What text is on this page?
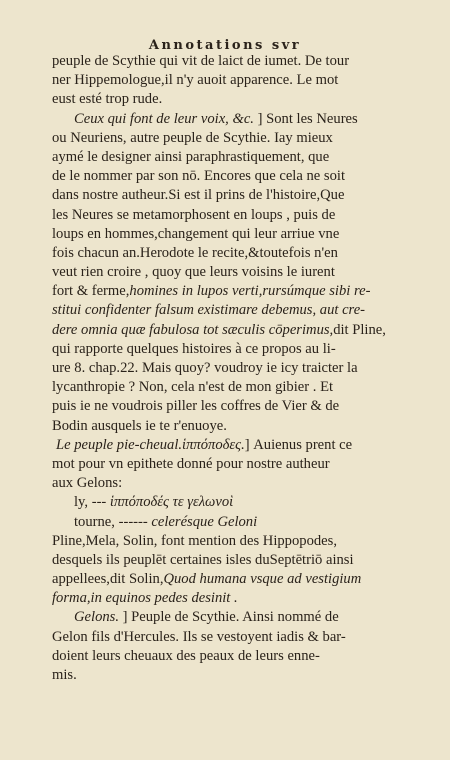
Annotations svr
peuple de Scythie qui vit de laict de iumet. De tour
ner Hippemologue,il n'y auoit apparence. Le mot
eust esté trop rude.
Ceux qui font de leur voix, &c. ] Sont les Neures
ou Neuriens, autre peuple de Scythie. Iay mieux
aymé le designer ainsi paraphrastiquement, que
de le nommer par son nō. Encores que cela ne soit
dans nostre autheur.Si est il prins de l'histoire,Que
les Neures se metamorphosent en loups , puis de
loups en hommes,changement qui leur arriue vne
fois chacun an.Herodote le recite,&toutefois n'en
veut rien croire , quoy que leurs voisins le iurent
fort & ferme,homines in lupos verti,rursúmque sibi re-
stitui confidenter falsum existimare debemus, aut cre-
dere omnia quæ fabulosa tot sæculis cōperimus,dit Pline,
qui rapporte quelques histoires à ce propos au li-
ure 8. chap.22. Mais quoy? voudroy ie icy traicter la
lycanthropie ? Non, cela n'est de mon gibier . Et
puis ie ne voudrois piller les coffres de Vier & de
Bodin ausquels ie te r'enuoye.
Le peuple pie-cheual.ἱππόποδες.] Auienus prent ce
mot pour vn epithete donné pour nostre autheur
aux Gelons:
ly, --- ἱππόποδές τε γελωνοὶ
tourne, ------ celerésque Geloni
Pline,Mela, Solin, font mention des Hippopodes,
desquels ils peuplēt certaines isles duSeptētriō ainsi
appellees,dit Solin,Quod humana vsque ad vestigium
forma,in equinos pedes desinit .
Gelons. ] Peuple de Scythie. Ainsi nommé de
Gelon fils d'Hercules. Ils se vestoyent iadis & bar-
doient leurs cheuaux des peaux de leurs enne-
mis.
